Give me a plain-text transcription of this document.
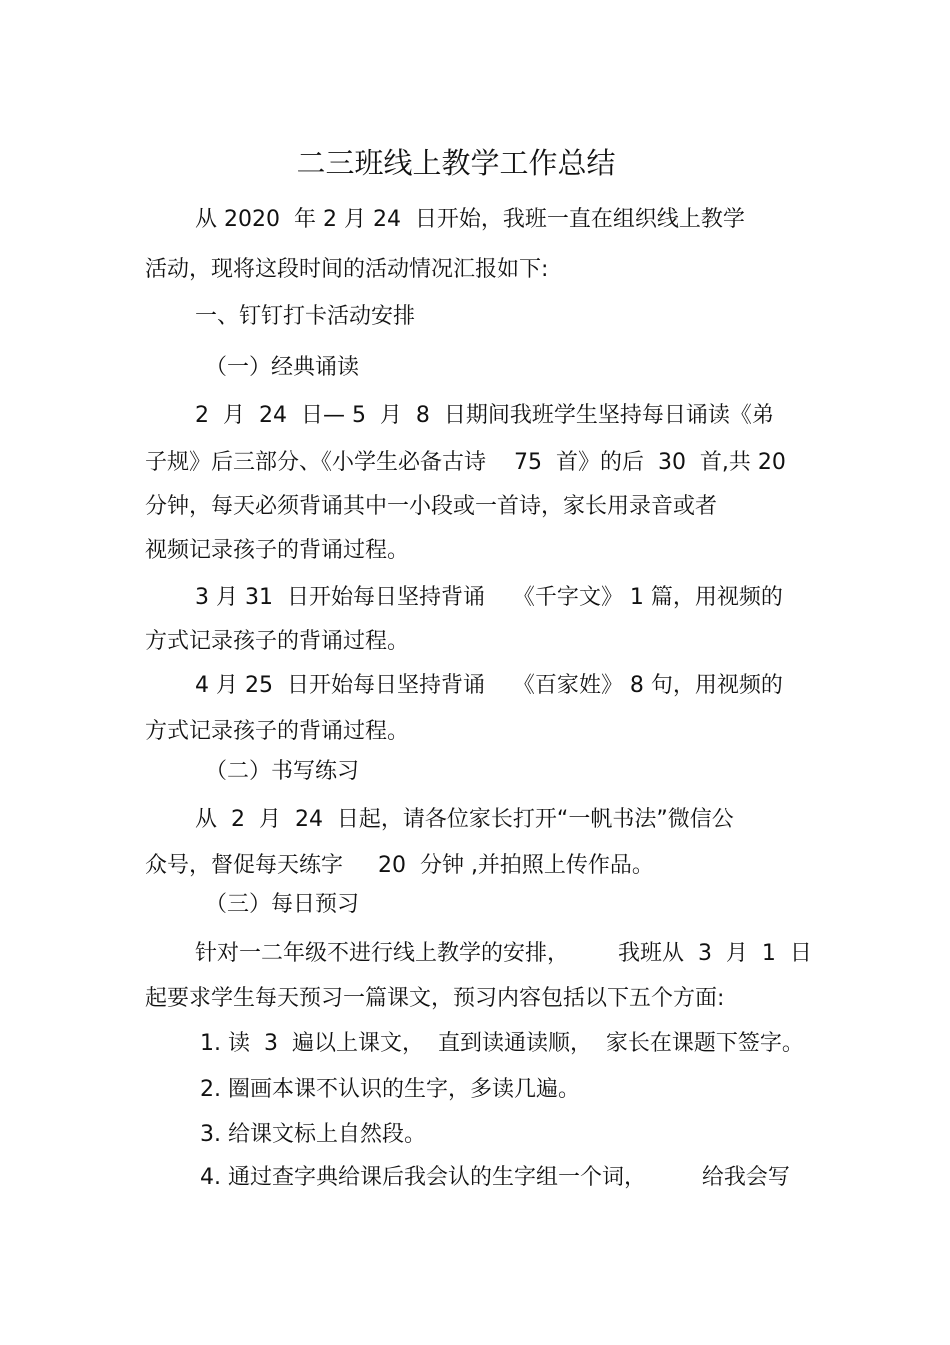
二三班线上教学工作总结

从 2020  年 2 月 24  日开始，我班一直在组织线上教学

活动，现将这段时间的活动情况汇报如下:

一、钉钉打卡活动安排

（一）经典诵读

2  月  24  日— 5  月  8  日期间我班学生坚持每日诵读《弟

子规》后三部分、《小学生必备古诗    75  首》的后  30  首,共 20

分钟，每天必须背诵其中一小段或一首诗，家长用录音或者

视频记录孩子的背诵过程。

3 月 31  日开始每日坚持背诵    《千字文》 1 篇，用视频的

方式记录孩子的背诵过程。

4 月 25  日开始每日坚持背诵    《百家姓》 8 句，用视频的

方式记录孩子的背诵过程。

（二）书写练习

从  2  月  24  日起，请各位家长打开“一帆书法”微信公

众号，督促每天练字     20  分钟 ,并拍照上传作品。

（三）每日预习

针对一二年级不进行线上教学的安排，       我班从  3  月  1  日

起要求学生每天预习一篇课文，预习内容包括以下五个方面:

1. 读  3  遍以上课文，  直到读通读顺，  家长在课题下签字。

2. 圈画本课不认识的生字，多读几遍。

3. 给课文标上自然段。

4. 通过查字典给课后我会认的生字组一个词，        给我会写
